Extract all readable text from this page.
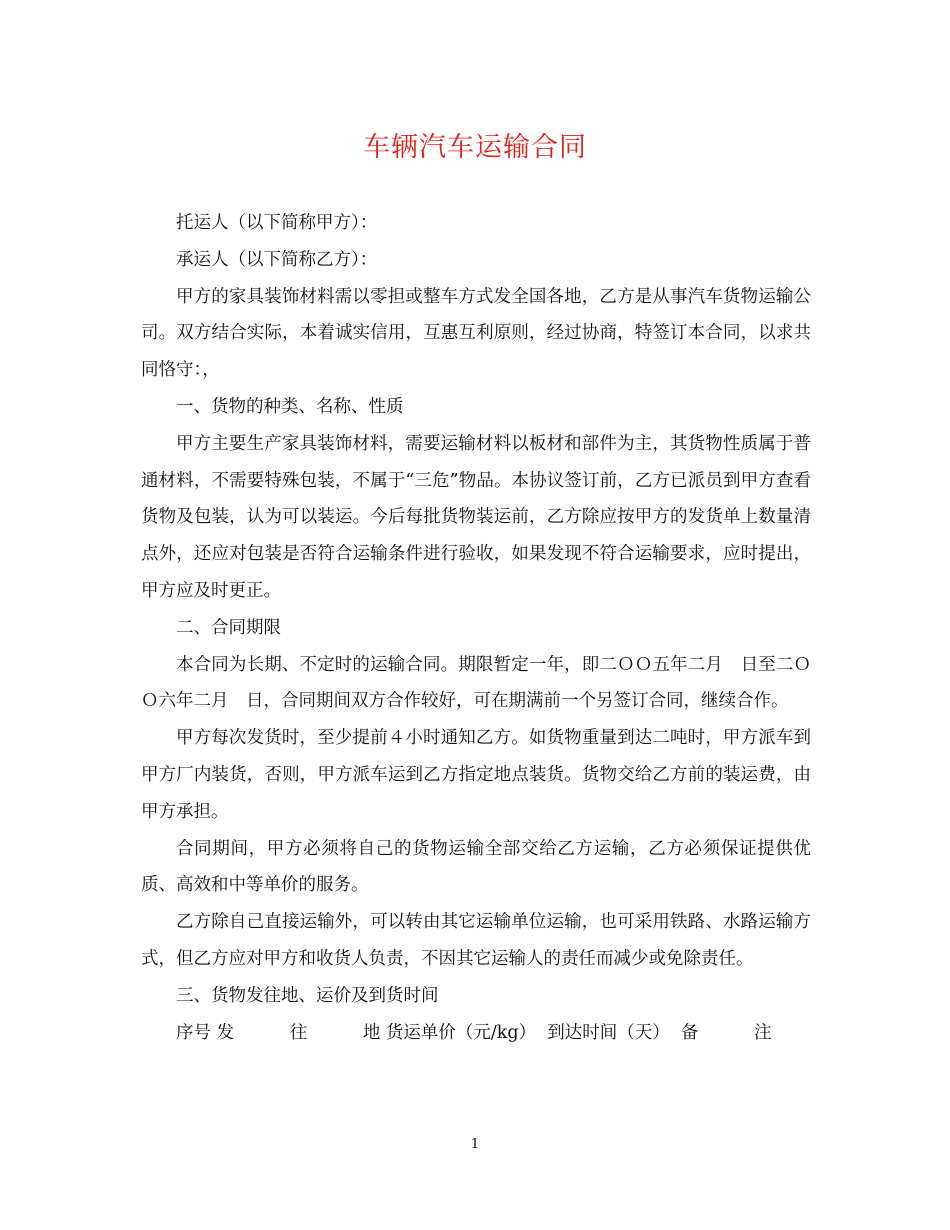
车辆汽车运输合同

托运人（以下简称甲方）：

承运人（以下简称乙方）：

甲方的家具装饰材料需以零担或整车方式发全国各地，乙方是从事汽车货物运输公司。双方结合实际，本着诚实信用，互惠互利原则，经过协商，特签订本合同，以求共同恪守：，

一、货物的种类、名称、性质

甲方主要生产家具装饰材料，需要运输材料以板材和部件为主，其货物性质属于普通材料，不需要特殊包装，不属于“三危”物品。本协议签订前，乙方已派员到甲方查看货物及包装，认为可以装运。今后每批货物装运前，乙方除应按甲方的发货单上数量清点外，还应对包装是否符合运输条件进行验收，如果发现不符合运输要求，应时提出，甲方应及时更正。

二、合同期限

本合同为长期、不定时的运输合同。期限暂定一年，即二ＯＯ五年二月　日至二ＯＯ六年二月　日，合同期间双方合作较好，可在期满前一个另签订合同，继续合作。

甲方每次发货时，至少提前４小时通知乙方。如货物重量到达二吨时，甲方派车到甲方厂内装货，否则，甲方派车运到乙方指定地点装货。货物交给乙方前的装运费，由甲方承担。

合同期间，甲方必须将自己的货物运输全部交给乙方运输，乙方必须保证提供优质、高效和中等单价的服务。

乙方除自己直接运输外，可以转由其它运输单位运输，也可采用铁路、水路运输方式，但乙方应对甲方和收货人负责，不因其它运输人的责任而减少或免除责任。

三、货物发往地、运价及到货时间

序号 发          往          地 货运单价（元/kg）  到达时间（天）  备          注

1
